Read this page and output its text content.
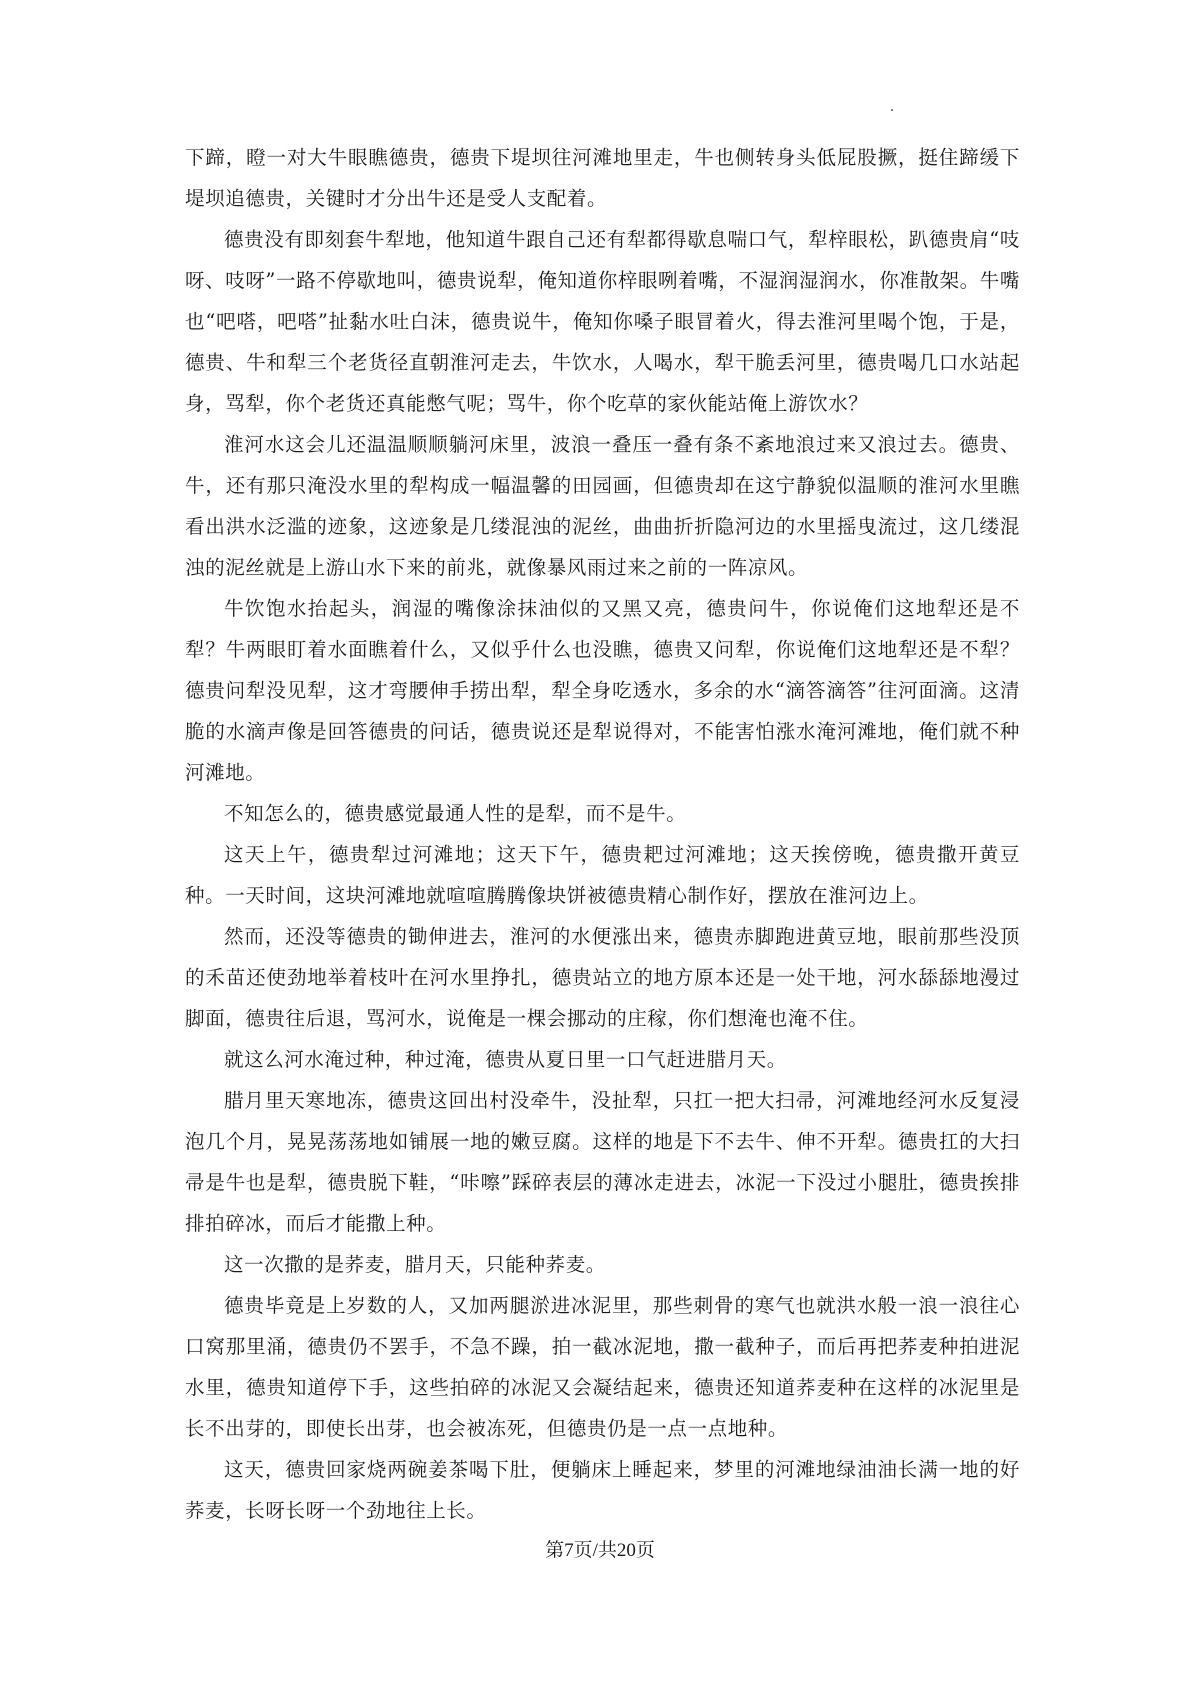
下蹄，瞪一对大牛眼瞧德贵，德贵下堤坝往河滩地里走，牛也侧转身头低屁股撅，挺住蹄缓下堤坝追德贵，关键时才分出牛还是受人支配着。

德贵没有即刻套牛犁地，他知道牛跟自己还有犁都得歇息喘口气，犁梓眼松，趴德贵肩“吱呀、吱呀”一路不停歇地叫，德贵说犁，俺知道你梓眼咧着嘴，不湿润湿润水，你准散架。牛嘴也“吧嗒，吧嗒”扯黏水吐白沫，德贵说牛，俺知你嗓子眼冒着火，得去淮河里喝个饱，于是，德贵、牛和犁三个老货径直朝淮河走去，牛饮水，人喝水，犁干脆丢河里，德贵喝几口水站起身，骂犁，你个老货还真能憋气呢；骂牛，你个吃草的家伙能站俺上游饮水？

淮河水这会儿还温温顺顺躺河床里，波浪一叠压一叠有条不紊地浪过来又浪过去。德贵、牛，还有那只淹没水里的犁构成一幅温馨的田园画，但德贵却在这宁静貌似温顺的淮河水里瞧看出洪水泛滥的迹象，这迹象是几缕混浊的泥丝，曲曲折折隐河边的水里摇曳流过，这几缕混浊的泥丝就是上游山水下来的前兆，就像暴风雨过来之前的一阵凉风。

牛饮饱水抬起头，润湿的嘴像涂抹油似的又黑又亮，德贵问牛，你说俺们这地犁还是不犁？牛两眼盯着水面瞧着什么，又似乎什么也没瞧，德贵又问犁，你说俺们这地犁还是不犁？德贵问犁没见犁，这才弯腰伸手捞出犁，犁全身吃透水，多余的水“滴答滴答”往河面滴。这清脆的水滴声像是回答德贵的问话，德贵说还是犁说得对，不能害怕涨水淹河滩地，俺们就不种河滩地。

不知怎么的，德贵感觉最通人性的是犁，而不是牛。

这天上午，德贵犁过河滩地；这天下午，德贵耙过河滩地；这天挨傍晚，德贵撒开黄豆种。一天时间，这块河滩地就喧喧腾腾像块饼被德贵精心制作好，摆放在淮河边上。

然而，还没等德贵的锄伸进去，淮河的水便涨出来，德贵赤脚跑进黄豆地，眼前那些没顶的禾苗还使劲地举着枝叶在河水里挣扎，德贵站立的地方原本还是一处干地，河水舔舔地漫过脚面，德贵往后退，骂河水，说俺是一棵会挪动的庄稼，你们想淹也淹不住。

就这么河水淹过种，种过淹，德贵从夏日里一口气赶进腊月天。

腊月里天寒地冻，德贵这回出村没牵牛，没扯犁，只扛一把大扫帚，河滩地经河水反复浸泡几个月，晃晃荡荡地如铺展一地的嫩豆腐。这样的地是下不去牛、伸不开犁。德贵扛的大扫帚是牛也是犁，德贵脱下鞋，“咔嚓”踩碎表层的薄冰走进去，冰泥一下没过小腿肚，德贵挨排排拍碎冰，而后才能撒上种。

这一次撒的是荞麦，腊月天，只能种荞麦。

德贵毕竟是上岁数的人，又加两腿淤进冰泥里，那些刺骨的寒气也就洪水般一浪一浪往心口窝那里涌，德贵仍不罢手，不急不躁，拍一截冰泥地，撒一截种子，而后再把荞麦种拍进泥水里，德贵知道停下手，这些拍碎的冰泥又会凝结起来，德贵还知道荞麦种在这样的冰泥里是长不出芽的，即使长出芽，也会被冻死，但德贵仍是一点一点地种。

这天，德贵回家烧两碗姜茶喝下肚，便躺床上睡起来，梦里的河滩地绿油油长满一地的好荞麦，长呀长呀一个劲地往上长。

第7页/共20页
